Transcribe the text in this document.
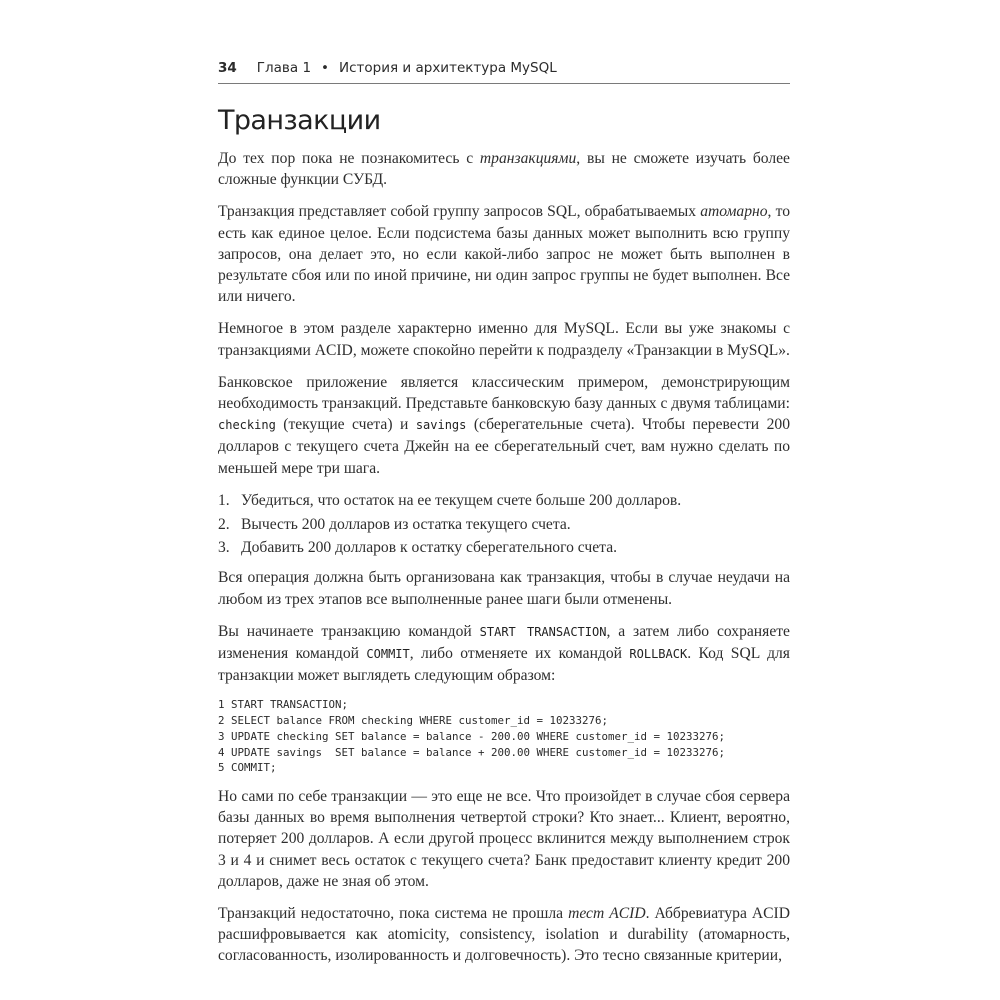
34 Глава 1 • История и архитектура MySQL
Транзакции

До тех пор пока не познакомитесь с транзакциями, вы не сможете изучать более сложные функции СУБД.

Транзакция представляет собой группу запросов SQL, обрабатываемых атомарно, то есть как единое целое. Если подсистема базы данных может выполнить всю группу запросов, она делает это, но если какой-либо запрос не может быть выполнен в результате сбоя или по иной причине, ни один запрос группы не будет выполнен. Все или ничего.

Немногое в этом разделе характерно именно для MySQL. Если вы уже знакомы с транзакциями ACID, можете спокойно перейти к подразделу «Транзакции в MySQL».

Банковское приложение является классическим примером, демонстрирующим необходимость транзакций. Представьте банковскую базу данных с двумя таблицами: checking (текущие счета) и savings (сберегательные счета). Чтобы перевести 200 долларов с текущего счета Джейн на ее сберегательный счет, вам нужно сделать по меньшей мере три шага.

1. Убедиться, что остаток на ее текущем счете больше 200 долларов.
2. Вычесть 200 долларов из остатка текущего счета.
3. Добавить 200 долларов к остатку сберегательного счета.

Вся операция должна быть организована как транзакция, чтобы в случае неудачи на любом из трех этапов все выполненные ранее шаги были отменены.

Вы начинаете транзакцию командой START TRANSACTION, а затем либо сохраняете изменения командой COMMIT, либо отменяете их командой ROLLBACK. Код SQL для транзакции может выглядеть следующим образом:

1 START TRANSACTION;
2 SELECT balance FROM checking WHERE customer_id = 10233276;
3 UPDATE checking SET balance = balance - 200.00 WHERE customer_id = 10233276;
4 UPDATE savings  SET balance = balance + 200.00 WHERE customer_id = 10233276;
5 COMMIT;

Но сами по себе транзакции — это еще не все. Что произойдет в случае сбоя сервера базы данных во время выполнения четвертой строки? Кто знает... Клиент, вероятно, потеряет 200 долларов. А если другой процесс вклинится между выполнением строк 3 и 4 и снимет весь остаток с текущего счета? Банк предоставит клиенту кредит 200 долларов, даже не зная об этом.

Транзакций недостаточно, пока система не прошла тест ACID. Аббревиатура ACID расшифровывается как atomicity, consistency, isolation и durability (атомарность, согласованность, изолированность и долговечность). Это тесно связанные критерии,
